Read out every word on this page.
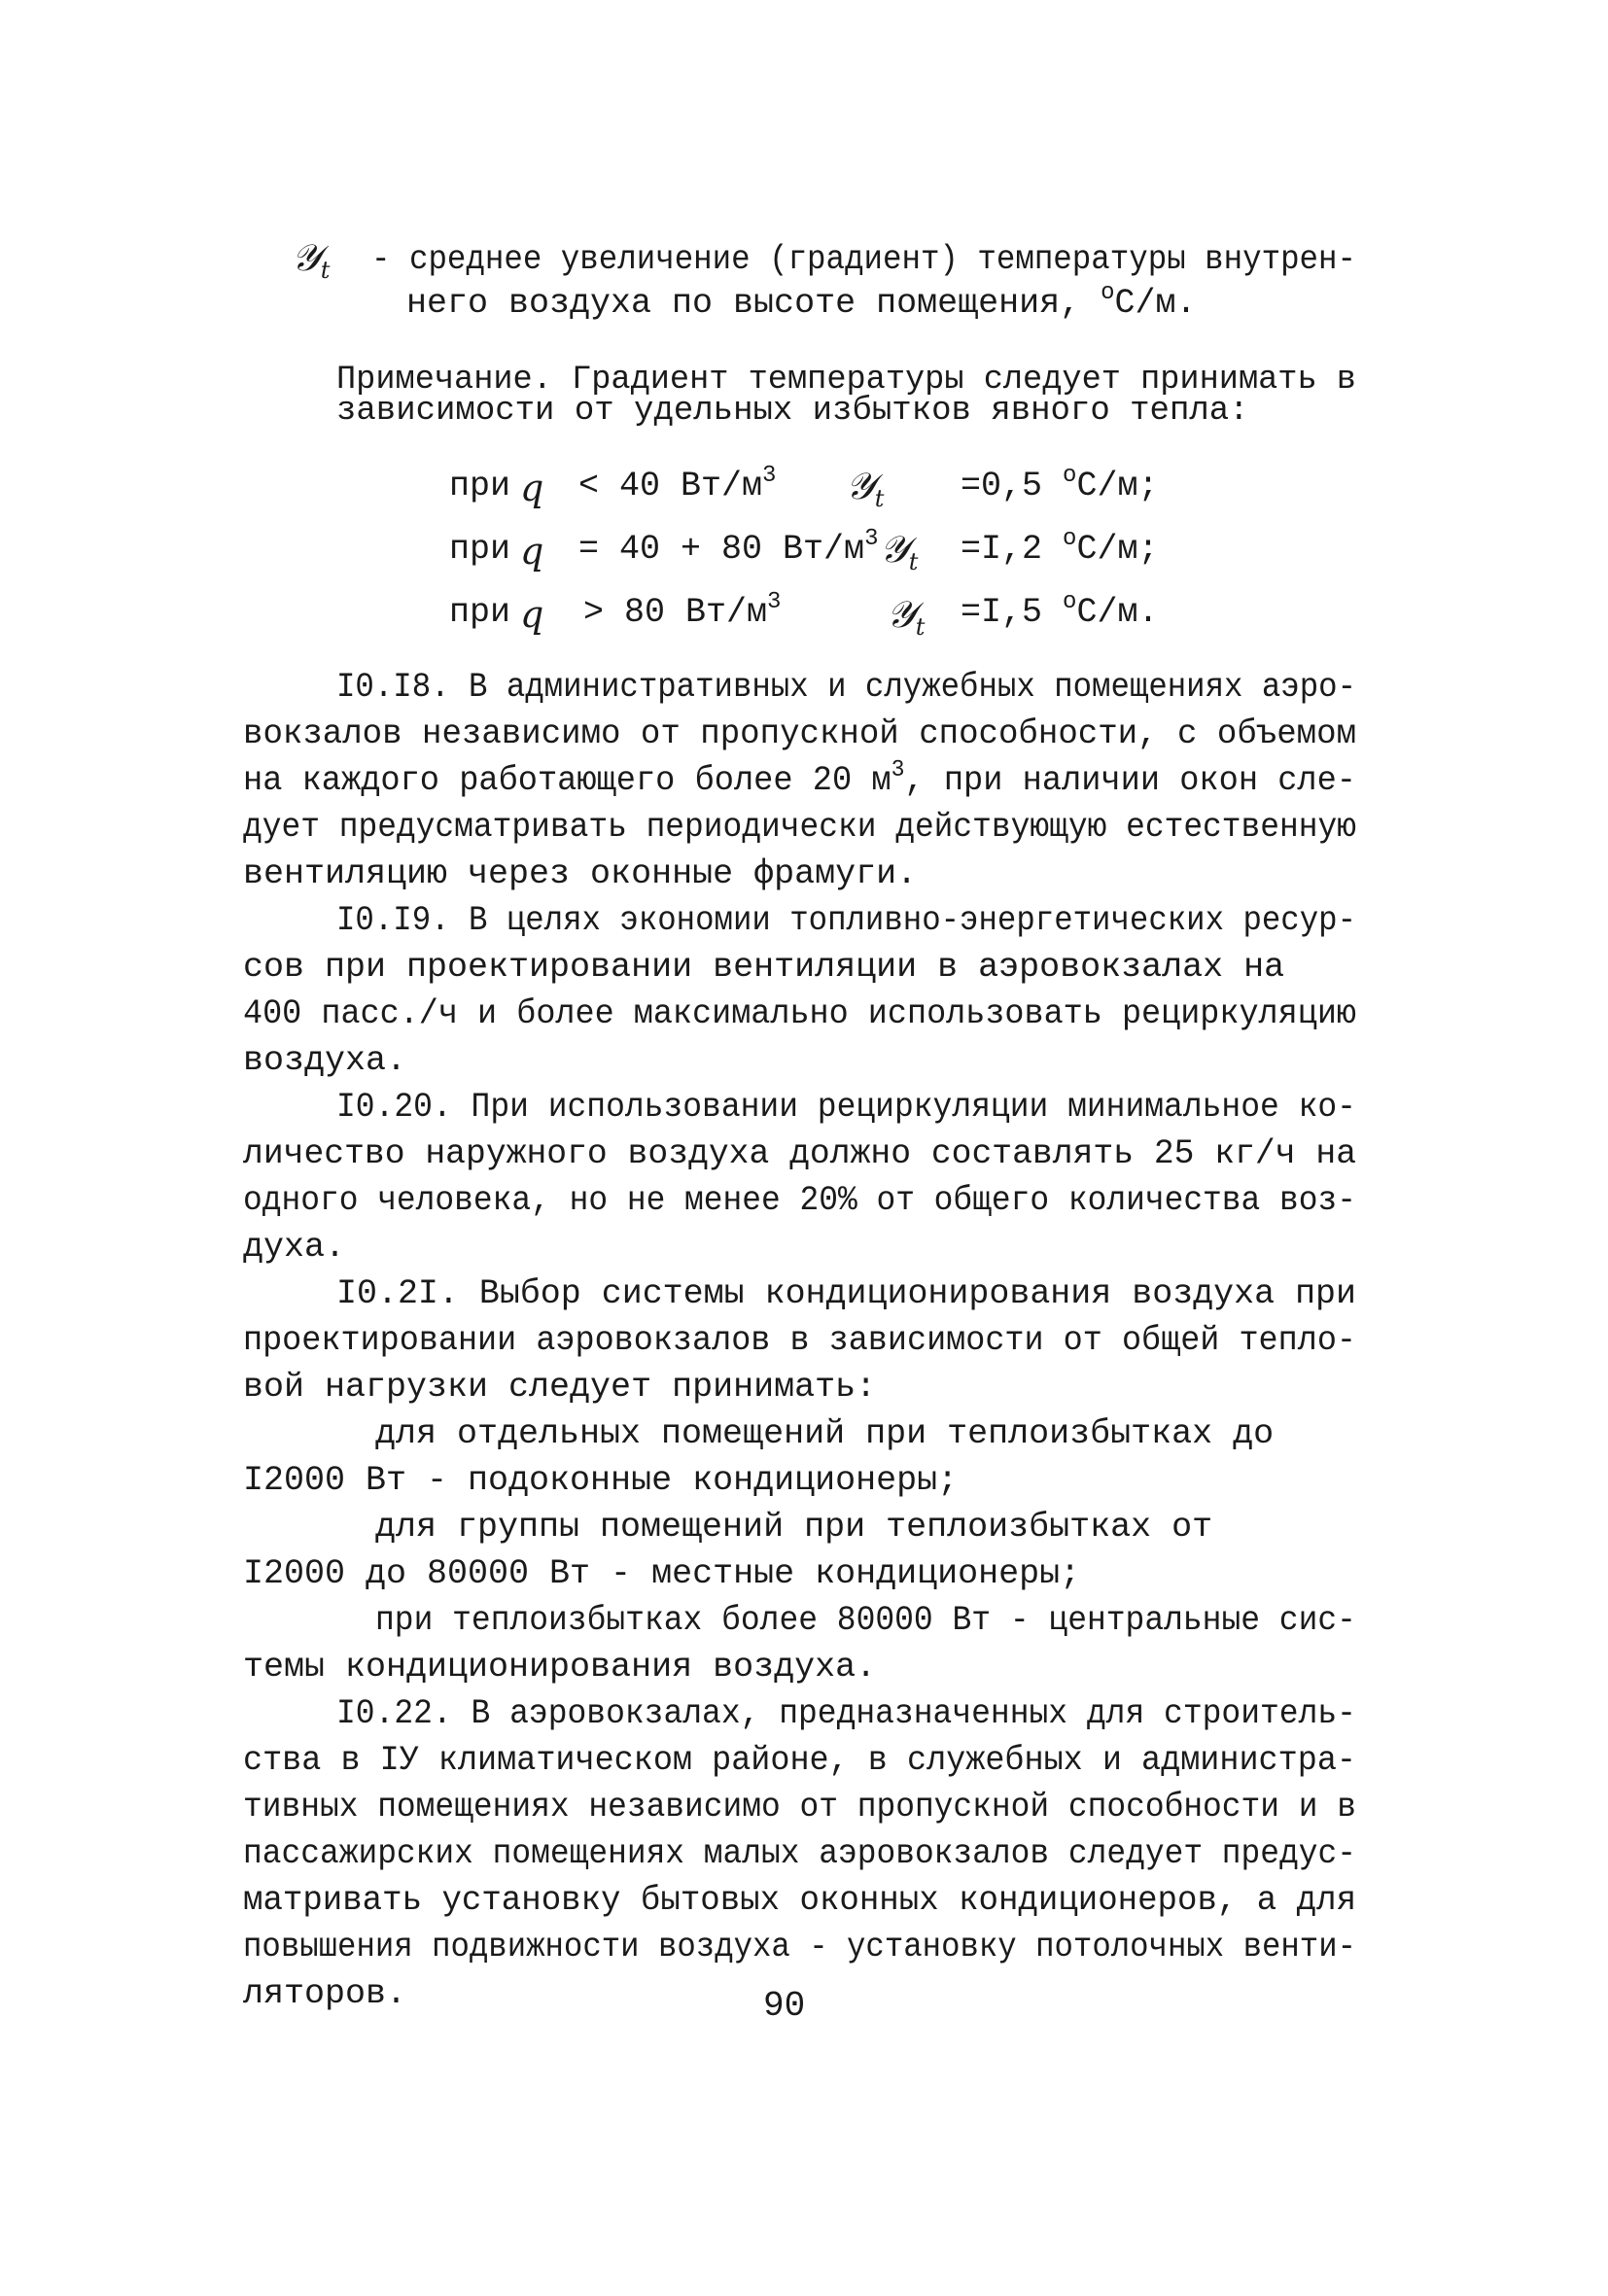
𝒴$_t$ - среднее увеличение (градиент) температуры внутрен-
него воздуха по высоте помещения, $^о$С/м.
Примечание. Градиент температуры следует принимать в
зависимости от удельных избытков явного тепла:
при q < 40 $Вт/м^3$ 𝒴$_t$ =0,5 $^о$С/м;
при q = 40 + 80 $Вт/м^3$ 𝒴$_t$ =I,2 $^о$С/м;
при q > 80 $Вт/м^3$	𝒴$_t$ =I,5 $^о$С/м.
I0.I8. В административных и служебных помещениях аэро-
вокзалов независимо от пропускной способности, с объемом
на каждого работающего более 20 $м^3$, при наличии окон сле-
дует предусматривать периодически действующую естественную
вентиляцию через оконные фрамуги.
I0.I9. В целях экономии топливно-энергетических ресур-
сов при проектировании вентиляции в аэровокзалах на
400 пасс./ч и более максимально использовать рециркуляцию
воздуха.
I0.20. При использовании рециркуляции минимальное ко-
личество наружного воздуха должно составлять 25 кг/ч на
одного человека, но не менее 20% от общего количества воз-
духа.
I0.2I. Выбор системы кондиционирования воздуха при
проектировании аэровокзалов в зависимости от общей тепло-
вой нагрузки следует принимать:
для отдельных помещений при теплоизбытках до
I2000 Вт - подоконные кондиционеры;
для группы помещений при теплоизбытках от
I2000 до 80000 Вт - местные кондиционеры;
при теплоизбытках более 80000 Вт - центральные сис-
темы кондиционирования воздуха.
I0.22. В аэровокзалах, предназначенных для строитель-
ства в IУ климатическом районе, в служебных и администра-
тивных помещениях независимо от пропускной способности и в
пассажирских помещениях малых аэровокзалов следует предус-
матривать установку бытовых оконных кондиционеров, а для
повышения подвижности воздуха - установку потолочных венти-
ляторов.	90
